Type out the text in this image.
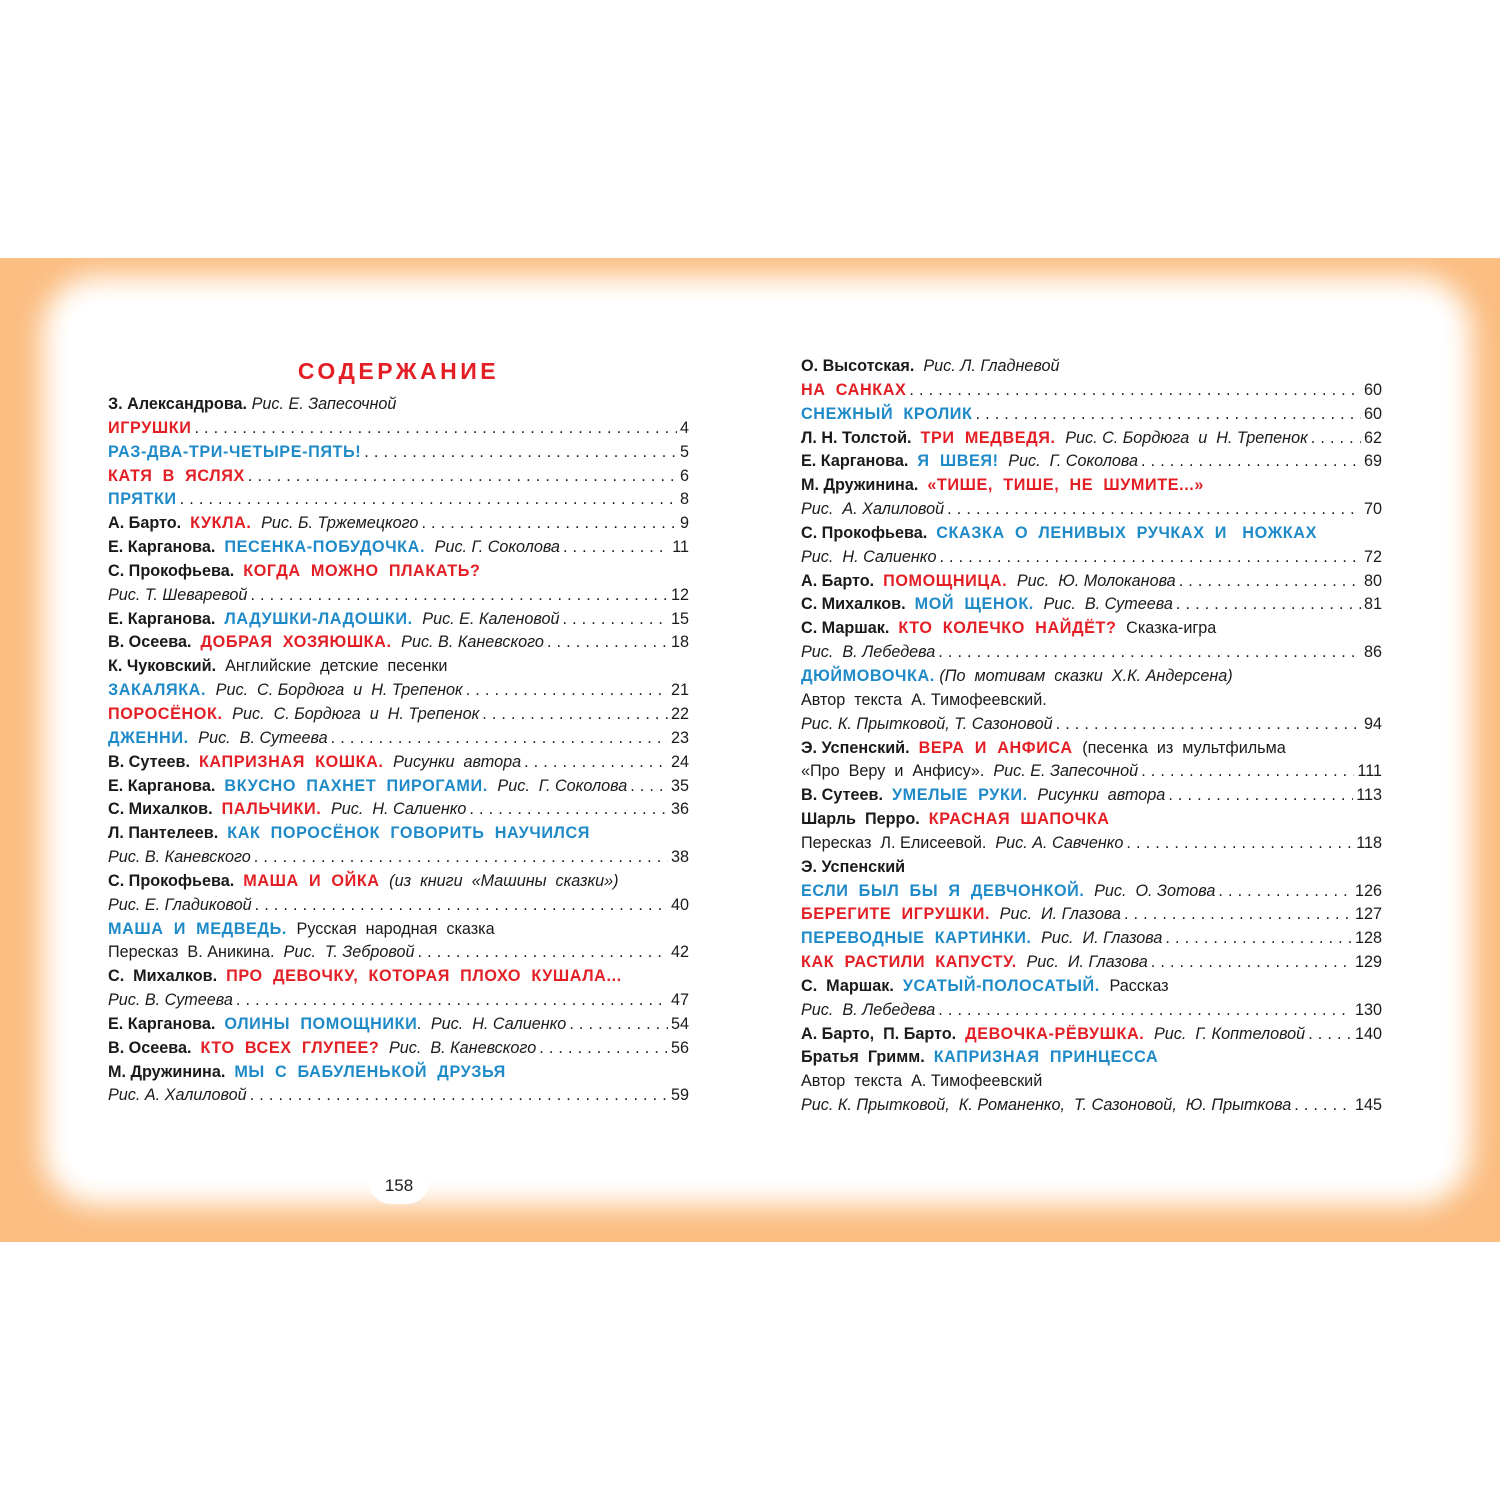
СОДЕРЖАНИЕ
З. Александрова. Рис. Е. Запесочной
ИГРУШКИ . . .	4
РАЗ-ДВА-ТРИ-ЧЕТЫРЕ-ПЯТЬ! . . .	5
КАТЯ  В  ЯСЛЯХ . . .	6
ПРЯТКИ . . .	8
А. Барто. КУКЛА. Рис. Б. Тржемецкого . . .	9
Е. Карганова. ПЕСЕНКА-ПОБУДОЧКА. Рис. Г. Соколова . . .	11
С. Прокофьева. КОГДА  МОЖНО  ПЛАКАТЬ?
Рис. Т. Шеваревой . . .	12
Е. Карганова. ЛАДУШКИ-ЛАДОШКИ. Рис. Е. Каленовой . . .	15
В. Осеева. ДОБРАЯ  ХОЗЯЮШКА. Рис. В. Каневского . . .	18
К. Чуковский. Английские  детские  песенки
ЗАКАЛЯКА. Рис.  С. Бордюга  и  Н. Трепенок . . .	21
ПОРОСЁНОК. Рис.  С. Бордюга  и  Н. Трепенок . . .	22
ДЖЕННИ. Рис.  В. Сутеева . . .	23
В. Сутеев. КАПРИЗНАЯ  КОШКА. Рисунки  автора . . .	24
Е. Карганова. ВКУСНО  ПАХНЕТ  ПИРОГАМИ. Рис.  Г. Соколова . . .	35
С. Михалков. ПАЛЬЧИКИ. Рис.  Н. Салиенко . . .	36
Л. Пантелеев. КАК  ПОРОСЁНОК  ГОВОРИТЬ  НАУЧИЛСЯ
Рис. В. Каневского . . .	38
С. Прокофьева. МАША  И  ОЙКА (из  книги  «Машины  сказки»)
Рис. Е. Гладиковой . . .	40
МАША  И  МЕДВЕДЬ. Русская  народная  сказка
Пересказ  В. Аникина. Рис.  Т. Зебровой . . .	42
С.  Михалков. ПРО  ДЕВОЧКУ,  КОТОРАЯ  ПЛОХО  КУШАЛА...
Рис. В. Сутеева . . .	47
Е. Карганова. ОЛИНЫ  ПОМОЩНИКИ .  Рис.  Н. Салиенко . . .	54
В. Осеева. КТО  ВСЕХ  ГЛУПЕЕ? Рис.  В. Каневского . . .	56
М. Дружинина. МЫ  С  БАБУЛЕНЬКОЙ  ДРУЗЬЯ
Рис. А. Халиловой . . .	59
О. Высотская. Рис. Л. Гладневой
НА  САНКАХ . . .	60
СНЕЖНЫЙ  КРОЛИК . . .	60
Л. Н. Толстой. ТРИ  МЕДВЕДЯ. Рис. С. Бордюга  и  Н. Трепенок . . .	62
Е. Карганова. Я  ШВЕЯ! Рис.  Г. Соколова . . .	69
М. Дружинина. «ТИШЕ,  ТИШЕ,  НЕ  ШУМИТЕ...»
Рис.  А. Халиловой . . .	70
С. Прокофьева. СКАЗКА  О  ЛЕНИВЫХ  РУЧКАХ  И   НОЖКАХ
Рис.  Н. Салиенко . . .	72
А. Барто. ПОМОЩНИЦА. Рис.  Ю. Молоканова . . .	80
С. Михалков. МОЙ  ЩЕНОК. Рис.  В. Сутеева . . .	81
С. Маршак. КТО  КОЛЕЧКО  НАЙДЁТ? Сказка-игра
Рис.  В. Лебедева . . .	86
ДЮЙМОВОЧКА. (По  мотивам  сказки  Х.К. Андерсена)
Автор  текста  А. Тимофеевский.
Рис. К. Прытковой, Т. Сазоновой . . .	94
Э. Успенский. ВЕРА  И  АНФИСА (песенка  из  мультфильма
«Про  Веру  и  Анфису». Рис. Е. Запесочной . . .	111
В. Сутеев. УМЕЛЫЕ  РУКИ. Рисунки  автора . . .	113
Шарль  Перро. КРАСНАЯ  ШАПОЧКА
Пересказ  Л. Елисеевой. Рис. А. Савченко . . .	118
Э. Успенский
ЕСЛИ  БЫЛ  БЫ  Я  ДЕВЧОНКОЙ. Рис.  О. Зотова . . .	126
БЕРЕГИТЕ  ИГРУШКИ. Рис.  И. Глазова . . .	127
ПЕРЕВОДНЫЕ  КАРТИНКИ. Рис.  И. Глазова . . .	128
КАК  РАСТИЛИ  КАПУСТУ. Рис.  И. Глазова . . .	129
С.  Маршак. УСАТЫЙ-ПОЛОСАТЫЙ. Рассказ
Рис.  В. Лебедева . . .	130
А. Барто,  П. Барто. ДЕВОЧКА-РЁВУШКА. Рис.  Г. Коптеловой . . .	140
Братья  Гримм. КАПРИЗНАЯ  ПРИНЦЕССА
Автор  текста  А. Тимофеевский
Рис. К. Прытковой,  К. Романенко,  Т. Сазоновой,  Ю. Прыткова . . .	145
158
